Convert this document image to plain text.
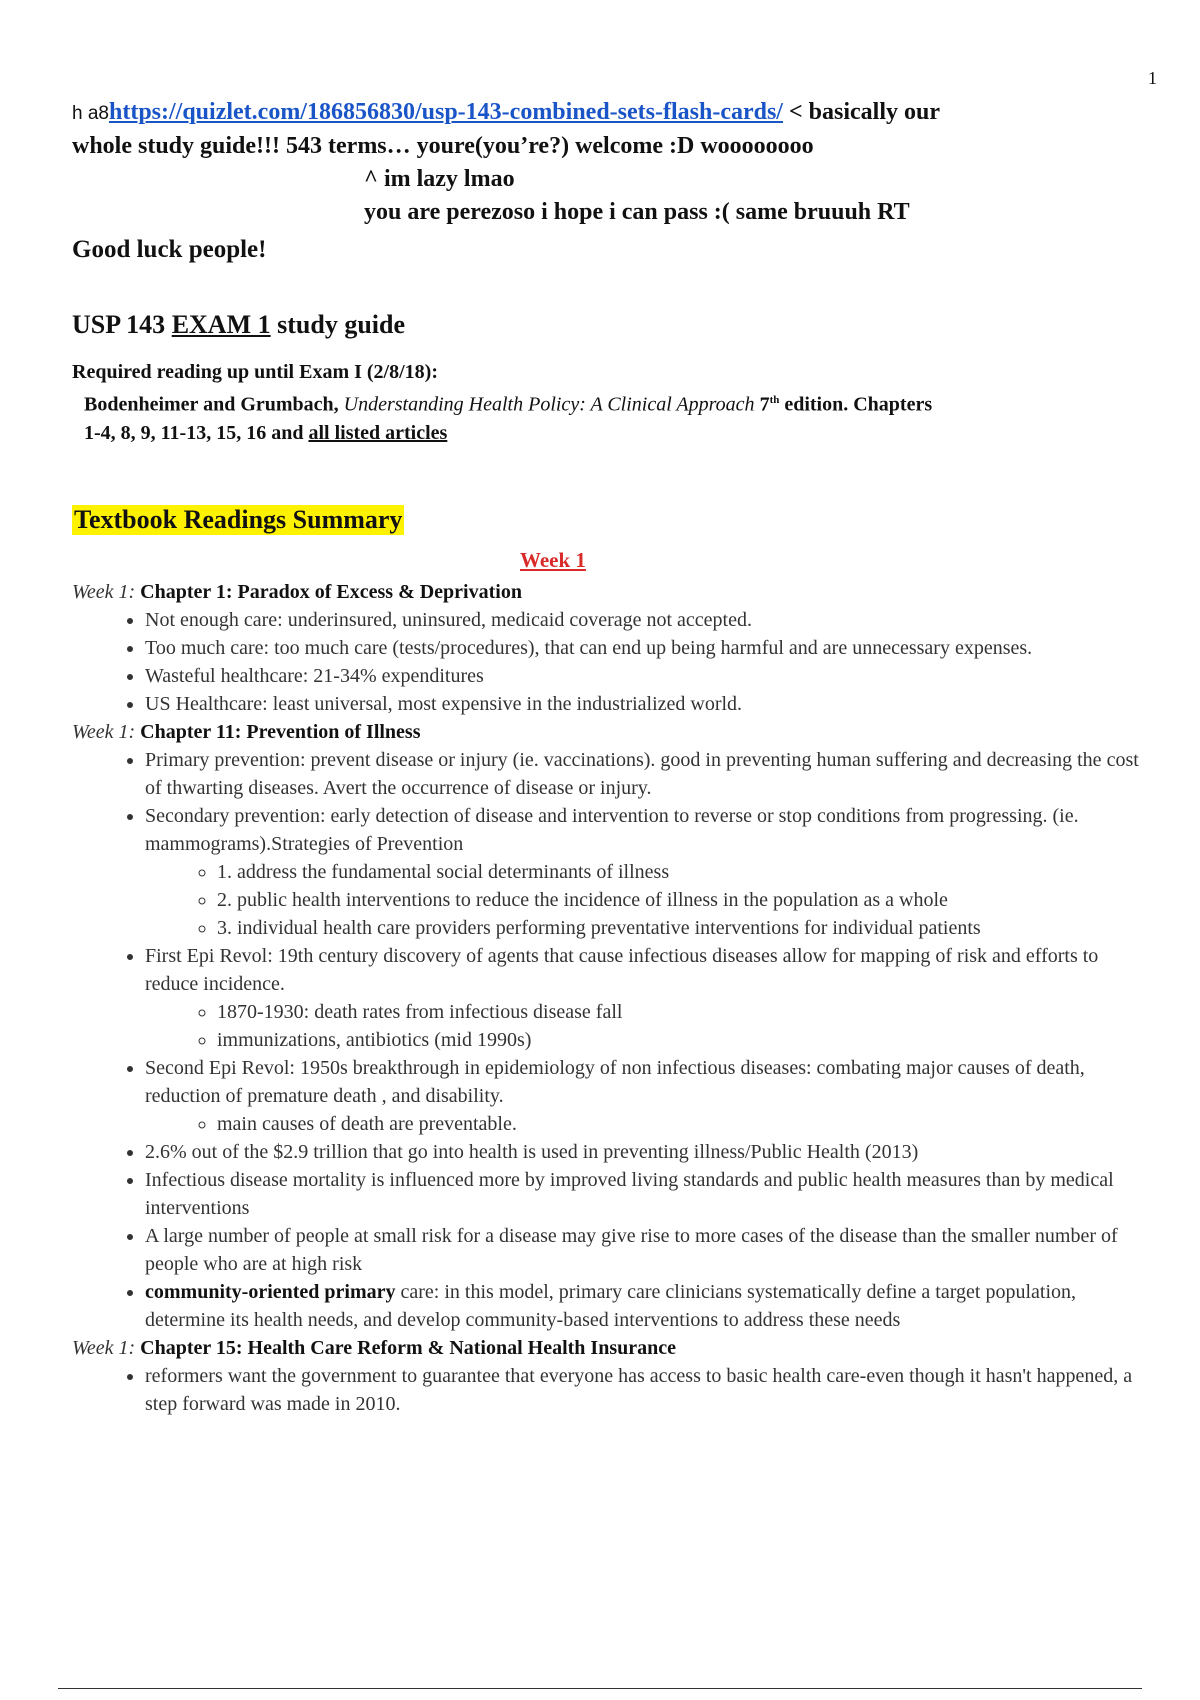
1
h a8https://quizlet.com/186856830/usp-143-combined-sets-flash-cards/ < basically our
whole study guide!!! 543 terms… youre(you’re?) welcome :D woooooooo
^ im lazy lmao
you are perezoso i hope i can pass :( same bruuuh RT
Good luck people!
USP 143 EXAM 1 study guide
Required reading up until Exam I (2/8/18):
Bodenheimer and Grumbach, Understanding Health Policy: A Clinical Approach 7th edition. Chapters
1-4, 8, 9, 11-13, 15, 16 and all listed articles
Textbook Readings Summary
Week 1

Week 1: Chapter 1: Paradox of Excess & Deprivation

• Not enough care: underinsured, uninsured, medicaid coverage not accepted.
• Too much care: too much care (tests/procedures), that can end up being harmful and are unnecessary expenses.
• Wasteful healthcare: 21-34% expenditures
• US Healthcare: least universal, most expensive in the industrialized world.

Week 1: Chapter 11: Prevention of Illness

• Primary prevention: prevent disease or injury (ie. vaccinations). good in preventing human suffering and decreasing the cost of thwarting diseases. Avert the occurrence of disease or injury.
• Secondary prevention: early detection of disease and intervention to reverse or stop conditions from progressing. (ie. mammograms).Strategies of Prevention
◦ 1. address the fundamental social determinants of illness
◦ 2. public health interventions to reduce the incidence of illness in the population as a whole
◦ 3. individual health care providers performing preventative interventions for individual patients
• First Epi Revol: 19th century discovery of agents that cause infectious diseases allow for mapping of risk and efforts to reduce incidence.
◦ 1870-1930: death rates from infectious disease fall
◦ immunizations, antibiotics (mid 1990s)
• Second Epi Revol: 1950s breakthrough in epidemiology of non infectious diseases: combating major causes of death, reduction of premature death , and disability.
◦ main causes of death are preventable.
• 2.6% out of the $2.9 trillion that go into health is used in preventing illness/Public Health (2013)
• Infectious disease mortality is influenced more by improved living standards and public health measures than by medical interventions
• A large number of people at small risk for a disease may give rise to more cases of the disease than the smaller number of people who are at high risk
• community-oriented primary care: in this model, primary care clinicians systematically define a target population, determine its health needs, and develop community-based interventions to address these needs

Week 1: Chapter 15: Health Care Reform & National Health Insurance

• reformers want the government to guarantee that everyone has access to basic health care-even though it hasn't happened, a step forward was made in 2010.
